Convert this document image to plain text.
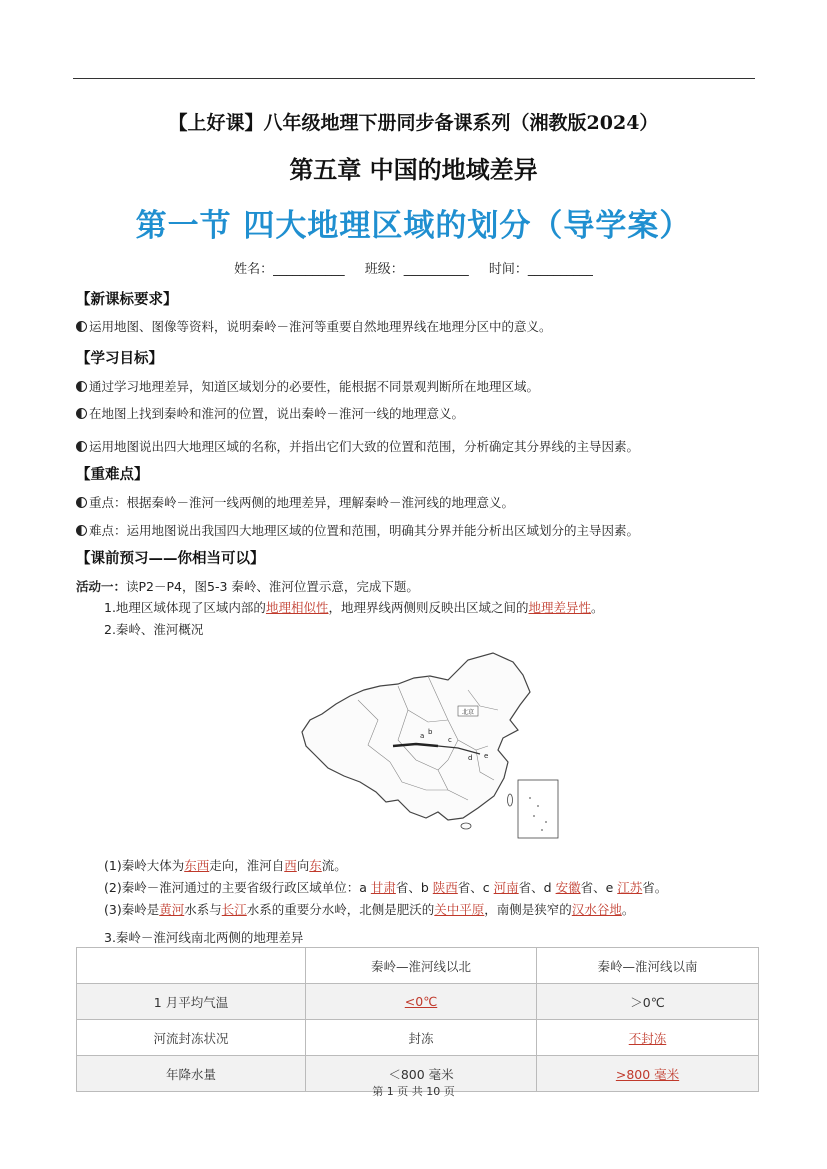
【上好课】八年级地理下册同步备课系列（湘教版2024）
第五章 中国的地域差异
第一节 四大地理区域的划分（导学案）
姓名：___________ 班级：__________ 时间：__________
【新课标要求】
运用地图、图像等资料，说明秦岭－淮河等重要自然地理界线在地理分区中的意义。
【学习目标】
通过学习地理差异，知道区域划分的必要性，能根据不同景观判断所在地理区域。
在地图上找到秦岭和淮河的位置，说出秦岭－淮河一线的地理意义。
运用地图说出四大地理区域的名称，并指出它们大致的位置和范围，分析确定其分界线的主导因素。
【重难点】
重点：根据秦岭－淮河一线两侧的地理差异，理解秦岭－淮河线的地理意义。
难点：运用地图说出我国四大地理区域的位置和范围，明确其分界并能分析出区域划分的主导因素。
【课前预习——你相当可以】
活动一：读P2－P4，图5-3 秦岭、淮河位置示意，完成下题。
1.地理区域体现了区域内部的地理相似性，地理界线两侧则反映出区域之间的地理差异性。
2.秦岭、淮河概况
北京
a b
c
d e
(1)秦岭大体为东西走向，淮河自西向东流。
(2)秦岭－淮河通过的主要省级行政区域单位：a 甘肃省、b 陕西省、c 河南省、d 安徽省、e 江苏省。
(3)秦岭是黄河水系与长江水系的重要分水岭，北侧是肥沃的关中平原，南侧是狭窄的汉水谷地。
3.秦岭－淮河线南北两侧的地理差异
	秦岭—淮河线以北	秦岭—淮河线以南
1 月平均气温	<0℃	＞0℃
河流封冻状况	封冻	不封冻
年降水量	＜800 毫米	>800 毫米
第 1 页 共 10 页
